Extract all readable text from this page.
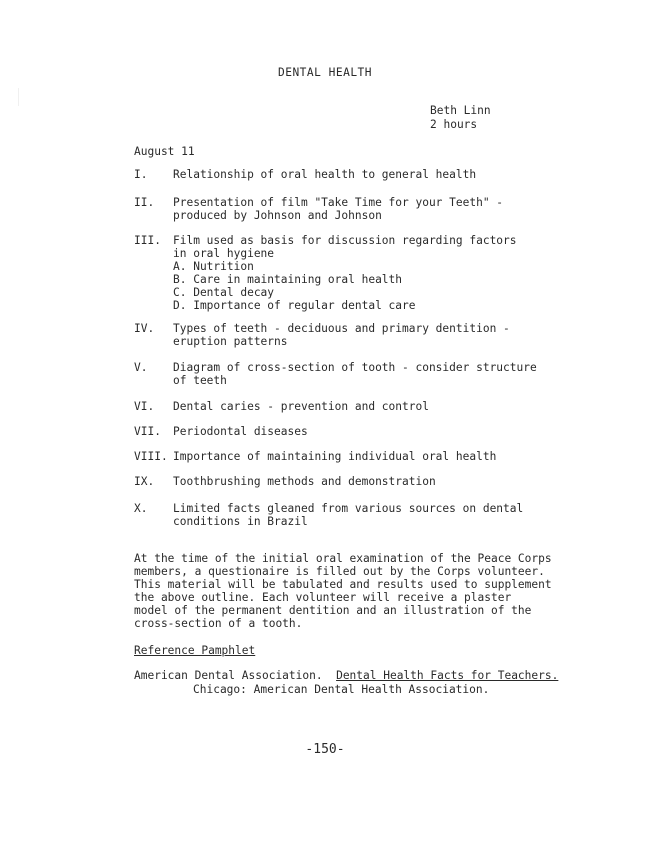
DENTAL HEALTH
Beth Linn
2 hours
August 11
I. Relationship of oral health to general health
II. Presentation of film "Take Time for your Teeth" -
produced by Johnson and Johnson
III. Film used as basis for discussion regarding factors
in oral hygiene
A. Nutrition
B. Care in maintaining oral health
C. Dental decay
D. Importance of regular dental care
IV. Types of teeth - deciduous and primary dentition -
eruption patterns
V. Diagram of cross-section of tooth - consider structure
of teeth
VI. Dental caries - prevention and control
VII. Periodontal diseases
VIII. Importance of maintaining individual oral health
IX. Toothbrushing methods and demonstration
X. Limited facts gleaned from various sources on dental
conditions in Brazil
At the time of the initial oral examination of the Peace Corps
members, a questionaire is filled out by the Corps volunteer.
This material will be tabulated and results used to supplement
the above outline. Each volunteer will receive a plaster
model of the permanent dentition and an illustration of the
cross-section of a tooth.
Reference Pamphlet
American Dental Association. Dental Health Facts for Teachers.
Chicago: American Dental Health Association.
-150-
